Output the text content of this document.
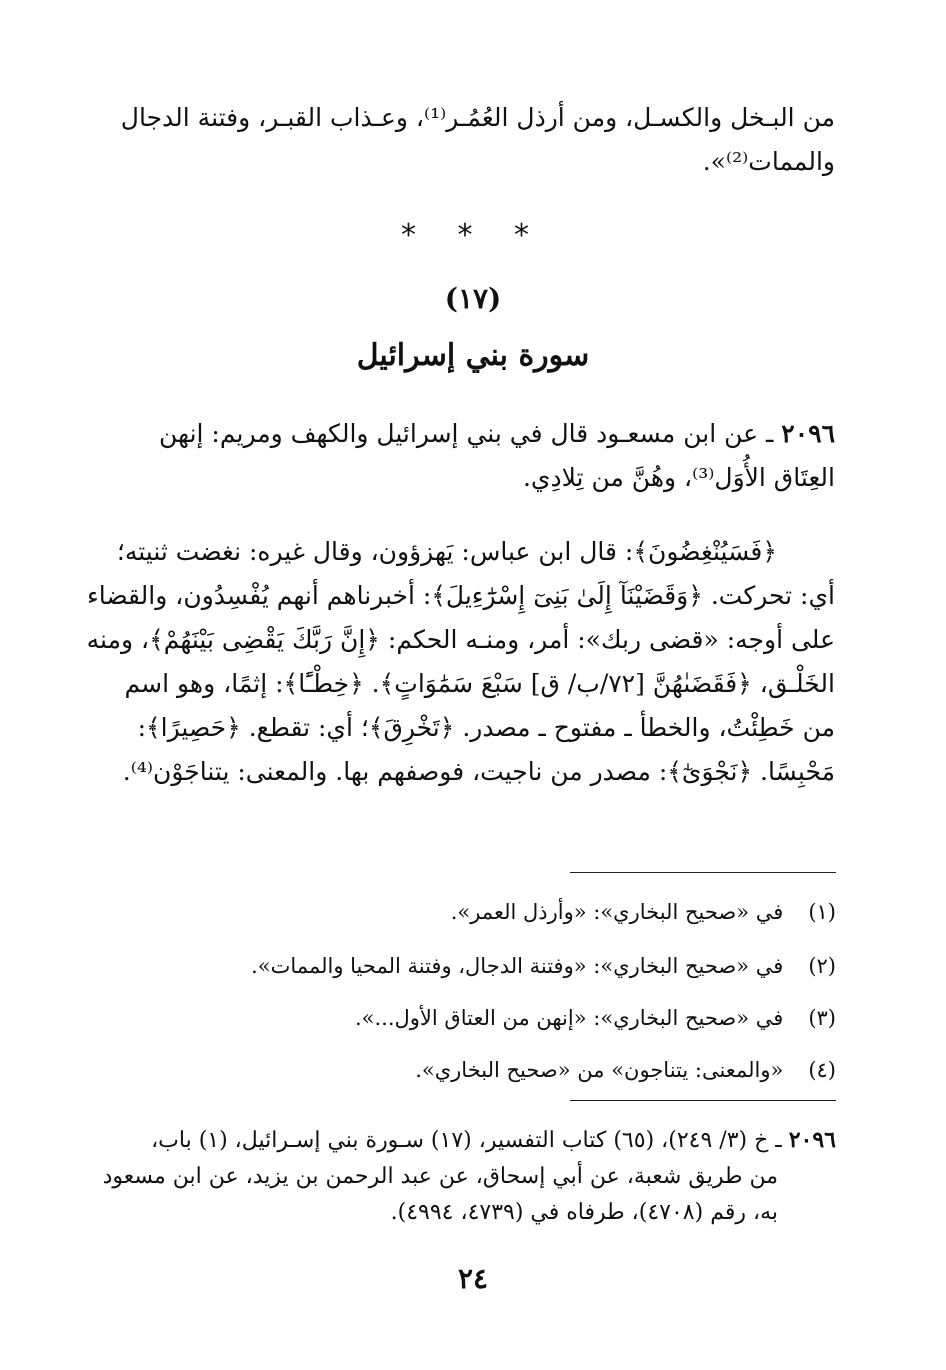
من البـخل والكسـل، ومن أرذل العُمُـر⁽¹⁾، وعـذاب القبـر، وفتنة الدجال
والممات⁽²⁾».
* * *
(١٧)
سورة بني إسرائيل
٢٠٩٦ ـ عن ابن مسعـود قال في بني إسرائيل والكهف ومريم: إنهن
العِتَاق الأُوَل⁽³⁾، وهُنَّ من تِلادِي.
﴿فَسَيُنْغِضُونَ﴾: قال ابن عباس: يَهزؤون، وقال غيره: نغضت ثنيته؛
أي: تحركت. ﴿وَقَضَيْنَآ إِلَىٰ بَنِىٓ إِسْرَٰٓءِيلَ﴾: أخبرناهم أنهم يُفْسِدُون، والقضاء
على أوجه: «قضى ربك»: أمر، ومنـه الحكم: ﴿إِنَّ رَبَّكَ يَقْضِى بَيْنَهُمْ﴾، ومنه
الخَلْـق، ﴿فَقَضَىٰهُنَّ [٧٢/ب/ ق] سَبْعَ سَمَٰوَاتٍ﴾. ﴿خِطْـًٔا﴾: إثمًا، وهو اسم
من خَطِئْتُ، والخطأ ـ مفتوح ـ مصدر. ﴿تَخْرِقَ﴾؛ أي: تقطع. ﴿حَصِيرًا﴾:
مَحْبِسًا. ﴿نَجْوَىٰٓ﴾: مصدر من ناجيت، فوصفهم بها. والمعنى: يتناجَوْن⁽⁴⁾.
(١) في «صحيح البخاري»: «وأرذل العمر».
(٢) في «صحيح البخاري»: «وفتنة الدجال، وفتنة المحيا والممات».
(٣) في «صحيح البخاري»: «إنهن من العتاق الأول...».
(٤) «والمعنى: يتناجون» من «صحيح البخاري».
٢٠٩٦ ـ خ (٣/ ٢٤٩)، (٦٥) كتاب التفسير، (١٧) سـورة بني إسـرائيل، (١) باب،
من طريق شعبة، عن أبي إسحاق، عن عبد الرحمن بن يزيد، عن ابن مسعود
به، رقم (٤٧٠٨)، طرفاه في (٤٧٣٩، ٤٩٩٤).
٢٤
